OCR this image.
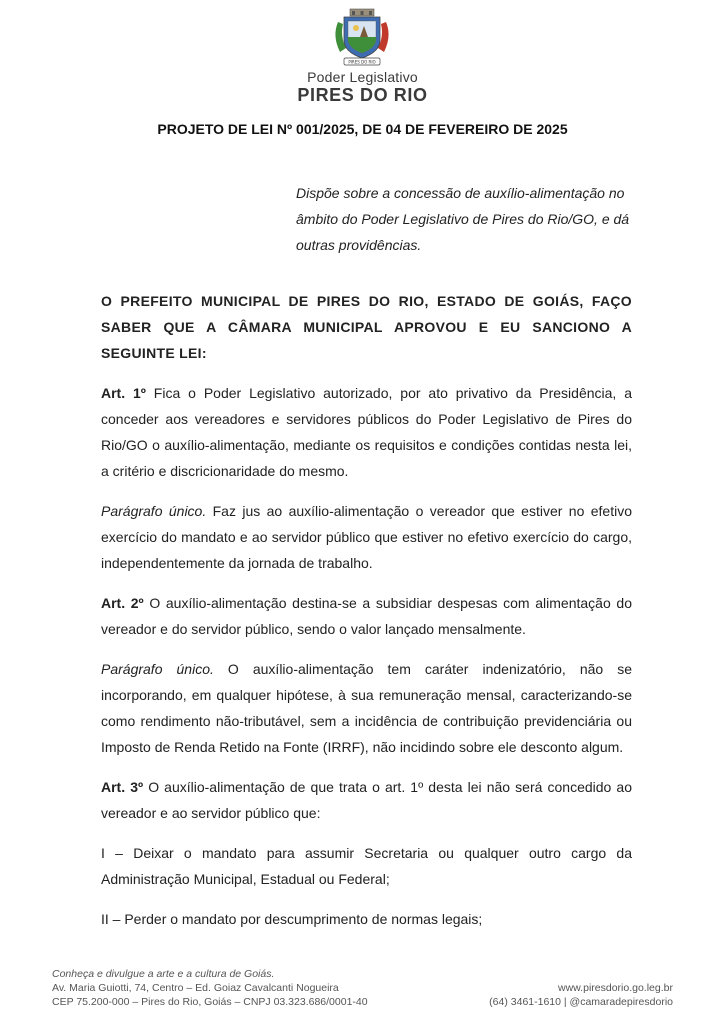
PIRES DO RIO
Poder Legislativo
PIRES DO RIO
PROJETO DE LEI Nº 001/2025, DE 04 DE FEVEREIRO DE 2025
Dispõe sobre a concessão de auxílio-alimentação no âmbito do Poder Legislativo de Pires do Rio/GO, e dá outras providências.

O PREFEITO MUNICIPAL DE PIRES DO RIO, ESTADO DE GOIÁS, FAÇO SABER QUE A CÂMARA MUNICIPAL APROVOU E EU SANCIONO A SEGUINTE LEI:

Art. 1º Fica o Poder Legislativo autorizado, por ato privativo da Presidência, a conceder aos vereadores e servidores públicos do Poder Legislativo de Pires do Rio/GO o auxílio-alimentação, mediante os requisitos e condições contidas nesta lei, a critério e discricionaridade do mesmo.

Parágrafo único. Faz jus ao auxílio-alimentação o vereador que estiver no efetivo exercício do mandato e ao servidor público que estiver no efetivo exercício do cargo, independentemente da jornada de trabalho.

Art. 2º O auxílio-alimentação destina-se a subsidiar despesas com alimentação do vereador e do servidor público, sendo o valor lançado mensalmente.

Parágrafo único. O auxílio-alimentação tem caráter indenizatório, não se incorporando, em qualquer hipótese, à sua remuneração mensal, caracterizando-se como rendimento não-tributável, sem a incidência de contribuição previdenciária ou Imposto de Renda Retido na Fonte (IRRF), não incidindo sobre ele desconto algum.

Art. 3º O auxílio-alimentação de que trata o art. 1º desta lei não será concedido ao vereador e ao servidor público que:

I – Deixar o mandato para assumir Secretaria ou qualquer outro cargo da Administração Municipal, Estadual ou Federal;

II – Perder o mandato por descumprimento de normas legais;

Conheça e divulgue a arte e a cultura de Goiás.
Av. Maria Guiotti, 74, Centro – Ed. Goiaz Cavalcanti Nogueira
CEP 75.200-000 – Pires do Rio, Goiás – CNPJ 03.323.686/0001-40
www.piresdorio.go.leg.br
(64) 3461-1610 | @camaradepiresdorio
